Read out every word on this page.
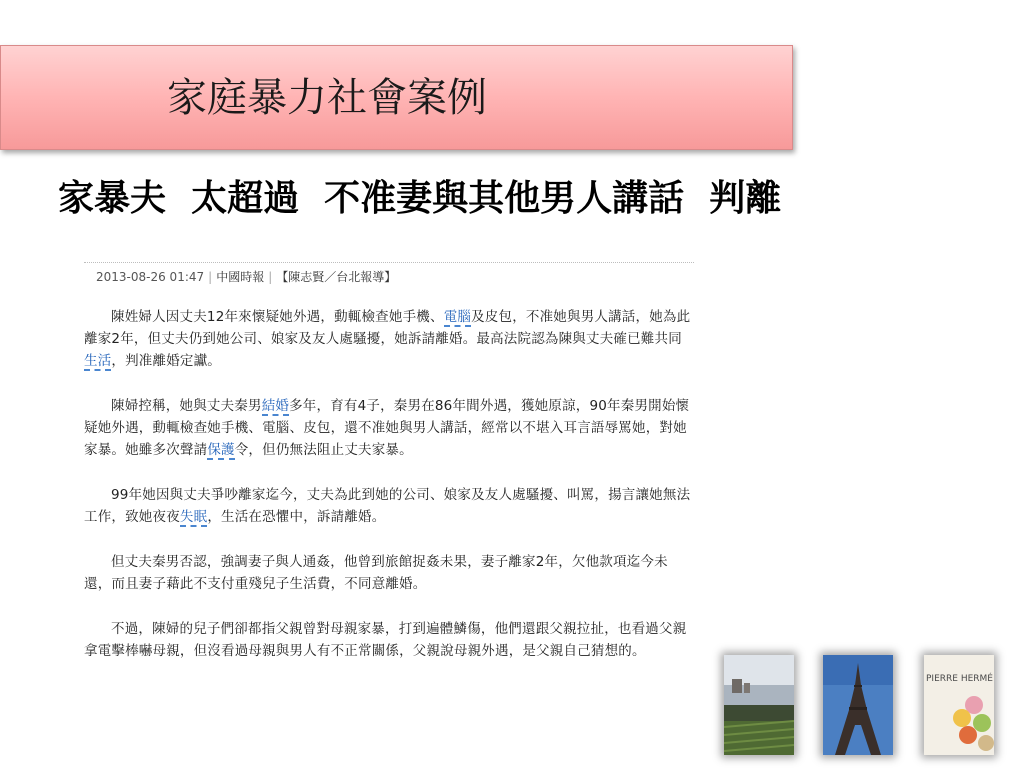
家庭暴力社會案例
家暴夫  太超過  不准妻與其他男人講話  判離
2013-08-26 01:47 | 中國時報 | 【陳志賢／台北報導】

陳姓婦人因丈夫12年來懷疑她外遇，動輒檢查她手機、電腦及皮包，不准她與男人講話，她為此離家2年，但丈夫仍到她公司、娘家及友人處騷擾，她訴請離婚。最高法院認為陳與丈夫確已難共同生活，判准離婚定讞。

陳婦控稱，她與丈夫秦男結婚多年，育有4子，秦男在86年間外遇，獲她原諒，90年秦男開始懷疑她外遇，動輒檢查她手機、電腦、皮包，還不准她與男人講話，經常以不堪入耳言語辱罵她，對她家暴。她雖多次聲請保護令，但仍無法阻止丈夫家暴。

99年她因與丈夫爭吵離家迄今，丈夫為此到她的公司、娘家及友人處騷擾、叫罵，揚言讓她無法工作，致她夜夜失眠，生活在恐懼中，訴請離婚。

但丈夫秦男否認，強調妻子與人通姦，他曾到旅館捉姦未果，妻子離家2年，欠他款項迄今未還，而且妻子藉此不支付重殘兒子生活費，不同意離婚。

不過，陳婦的兒子們卻都指父親曾對母親家暴，打到遍體鱗傷，他們還跟父親拉扯，也看過父親拿電擊棒嚇母親，但沒看過母親與男人有不正常關係，父親說母親外遇，是父親自己猜想的。

PIERRE HERMÉ
